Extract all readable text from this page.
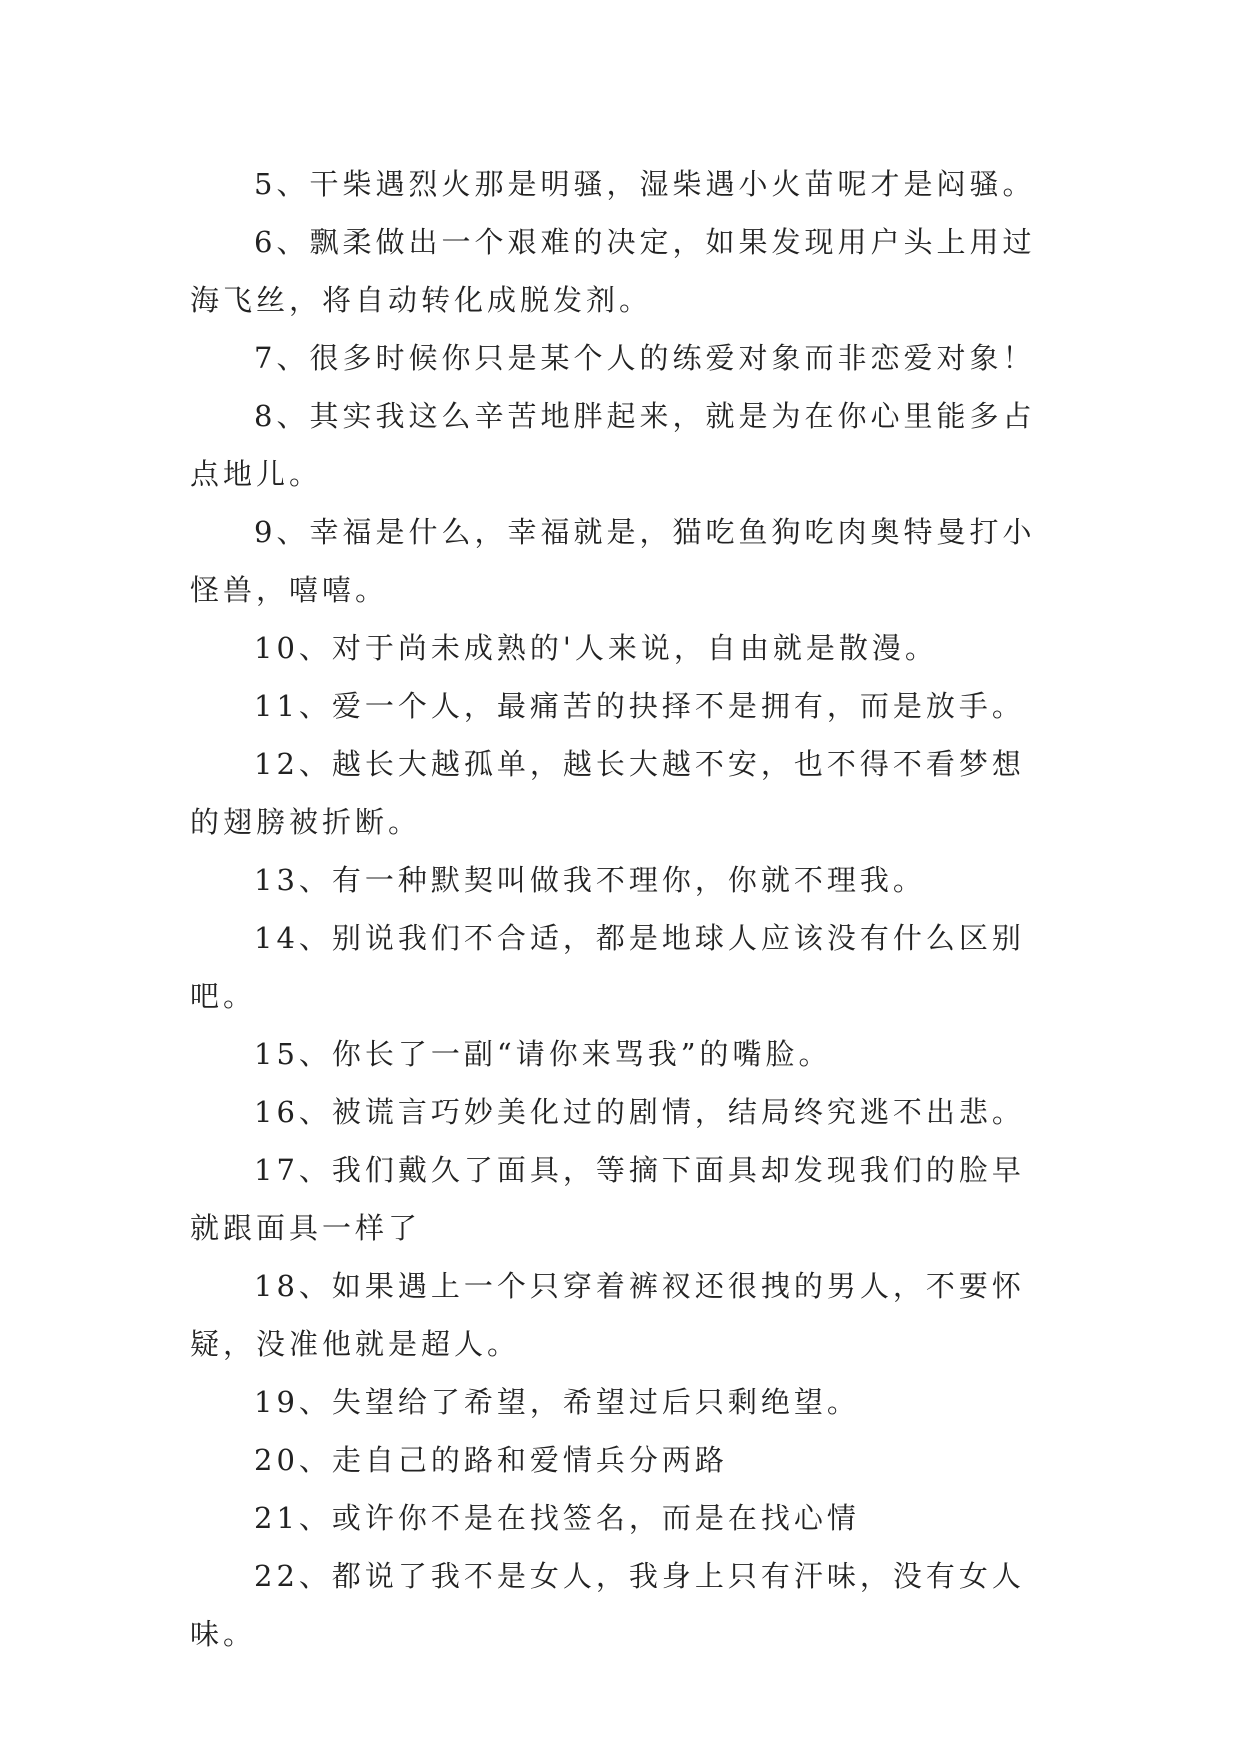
5、干柴遇烈火那是明骚，湿柴遇小火苗呢才是闷骚。

6、飘柔做出一个艰难的决定，如果发现用户头上用过海飞丝，将自动转化成脱发剂。

7、很多时候你只是某个人的练爱对象而非恋爱对象！

8、其实我这么辛苦地胖起来，就是为在你心里能多占点地儿。

9、幸福是什么，幸福就是，猫吃鱼狗吃肉奥特曼打小怪兽，嘻嘻。

10、对于尚未成熟的'人来说，自由就是散漫。

11、爱一个人，最痛苦的抉择不是拥有，而是放手。

12、越长大越孤单，越长大越不安，也不得不看梦想的翅膀被折断。

13、有一种默契叫做我不理你，你就不理我。

14、别说我们不合适，都是地球人应该没有什么区别吧。

15、你长了一副“请你来骂我”的嘴脸。

16、被谎言巧妙美化过的剧情，结局终究逃不出悲。

17、我们戴久了面具，等摘下面具却发现我们的脸早就跟面具一样了

18、如果遇上一个只穿着裤衩还很拽的男人，不要怀疑，没准他就是超人。

19、失望给了希望，希望过后只剩绝望。

20、走自己的路和爱情兵分两路

21、或许你不是在找签名，而是在找心情

22、都说了我不是女人，我身上只有汗味，没有女人味。
